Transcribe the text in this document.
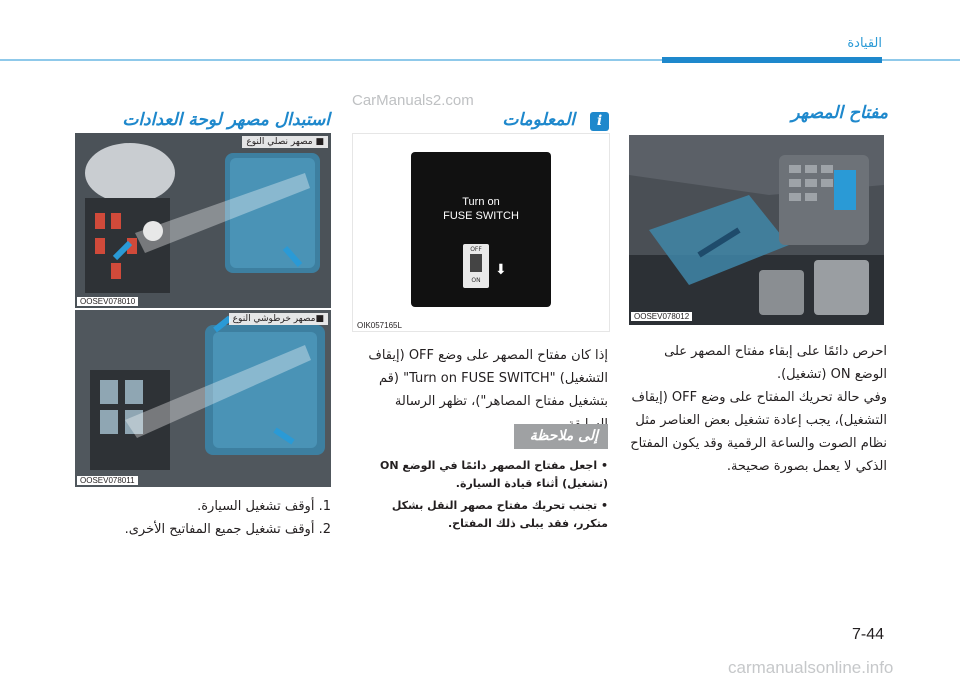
القيادة
CarManuals2.com
مفتاح المصهر
OOSEV078012
احرص دائمًا على إبقاء مفتاح المصهر على الوضع ON (تشغيل).
وفي حالة تحريك المفتاح على وضع OFF (إيقاف التشغيل)، يجب إعادة تشغيل بعض العناصر مثل نظام الصوت والساعة الرقمية وقد يكون المفتاح الذكي لا يعمل بصورة صحيحة.
i
المعلومات
Turn on
FUSE SWITCH
OFF
ON
⬇
OIK057165L
إذا كان مفتاح المصهر على وضع OFF (إيقاف التشغيل) "Turn on FUSE SWITCH" (قم بتشغيل مفتاح المصاهر")، تظهر الرسالة
إلى ملاحظة
• اجعل مفتاح المصهر دائمًا في الوضع ON (تشغيل) أثناء قيادة السيارة.
• تجنب تحريك مفتاح مصهر النقل بشكل متكرر، فقد يبلى ذلك المفتاح.
استبدال مصهر لوحة العدادات
■ مصهر نصلي النوع
OOSEV078010
■مصهر خرطوشي النوع
OOSEV078011
1. أوقف تشغيل السيارة.
2. أوقف تشغيل جميع المفاتيح الأخرى.
7-44
carmanualsonline.info
